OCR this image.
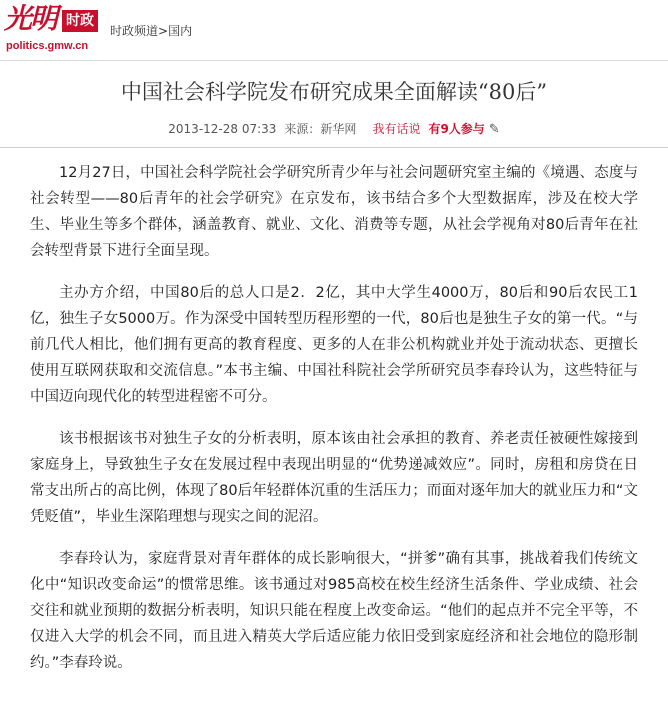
光明 时政
politics.gmw.cn
时政频道>国内
中国社会科学院发布研究成果全面解读“80后”
2013-12-28 07:33 来源：新华网 我有话说 有9人参与 ✎

12月27日，中国社会科学院社会学研究所青少年与社会问题研究室主编的《境遇、态度与社会转型——80后青年的社会学研究》在京发布，该书结合多个大型数据库，涉及在校大学生、毕业生等多个群体，涵盖教育、就业、文化、消费等专题，从社会学视角对80后青年在社会转型背景下进行全面呈现。

主办方介绍，中国80后的总人口是2．2亿，其中大学生4000万，80后和90后农民工1亿，独生子女5000万。作为深受中国转型历程形塑的一代，80后也是独生子女的第一代。“与前几代人相比，他们拥有更高的教育程度、更多的人在非公机构就业并处于流动状态、更擅长使用互联网获取和交流信息。”本书主编、中国社科院社会学所研究员李春玲认为，这些特征与中国迈向现代化的转型进程密不可分。

该书根据该书对独生子女的分析表明，原本该由社会承担的教育、养老责任被硬性嫁接到家庭身上，导致独生子女在发展过程中表现出明显的“优势递减效应”。同时，房租和房贷在日常支出所占的高比例，体现了80后年轻群体沉重的生活压力；而面对逐年加大的就业压力和“文凭贬值”，毕业生深陷理想与现实之间的泥沼。

李春玲认为，家庭背景对青年群体的成长影响很大，“拼爹”确有其事，挑战着我们传统文化中“知识改变命运”的惯常思维。该书通过对985高校在校生经济生活条件、学业成绩、社会交往和就业预期的数据分析表明，知识只能在程度上改变命运。“他们的起点并不完全平等，不仅进入大学的机会不同，而且进入精英大学后适应能力依旧受到家庭经济和社会地位的隐形制约。”李春玲说。
